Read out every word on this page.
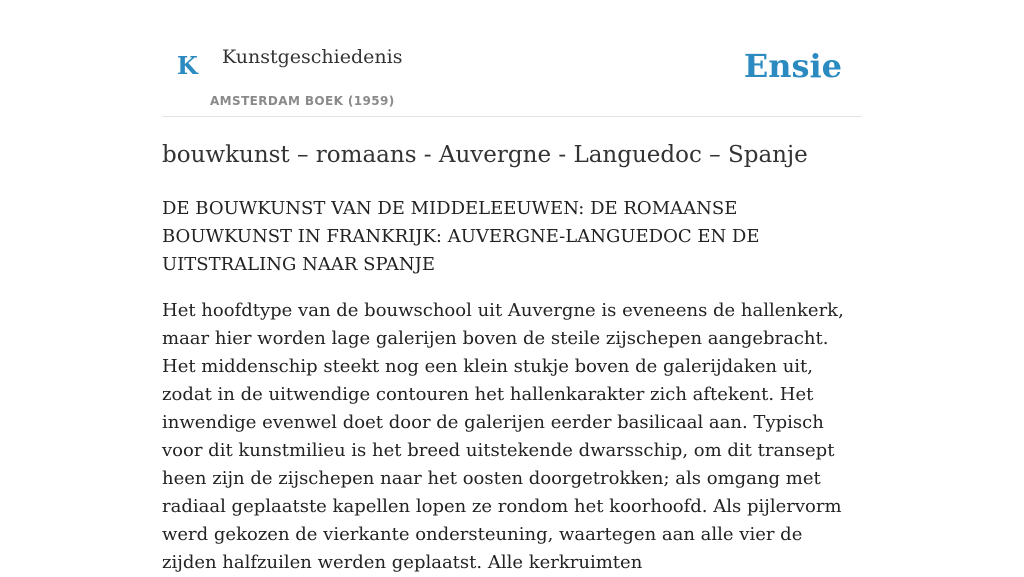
K Kunstgeschiedenis
AMSTERDAM BOEK (1959)
Ensie
bouwkunst – romaans - Auvergne - Languedoc – Spanje

DE BOUWKUNST VAN DE MIDDELEEUWEN: DE ROMAANSE BOUWKUNST IN FRANKRIJK: AUVERGNE-LANGUEDOC EN DE UITSTRALING NAAR SPANJE

Het hoofdtype van de bouwschool uit Auvergne is eveneens de hallenkerk, maar hier worden lage galerijen boven de steile zijschepen aangebracht. Het middenschip steekt nog een klein stukje boven de galerijdaken uit, zodat in de uitwendige contouren het hallenkarakter zich aftekent. Het inwendige evenwel doet door de galerijen eerder basilicaal aan. Typisch voor dit kunstmilieu is het breed uitstekende dwarsschip, om dit transept heen zijn de zijschepen naar het oosten doorgetrokken; als omgang met radiaal geplaatste kapellen lopen ze rondom het koorhoofd. Als pijlervorm werd gekozen de vierkante ondersteuning, waartegen aan alle vier de zijden halfzuilen werden geplaatst. Alle kerkruimten
